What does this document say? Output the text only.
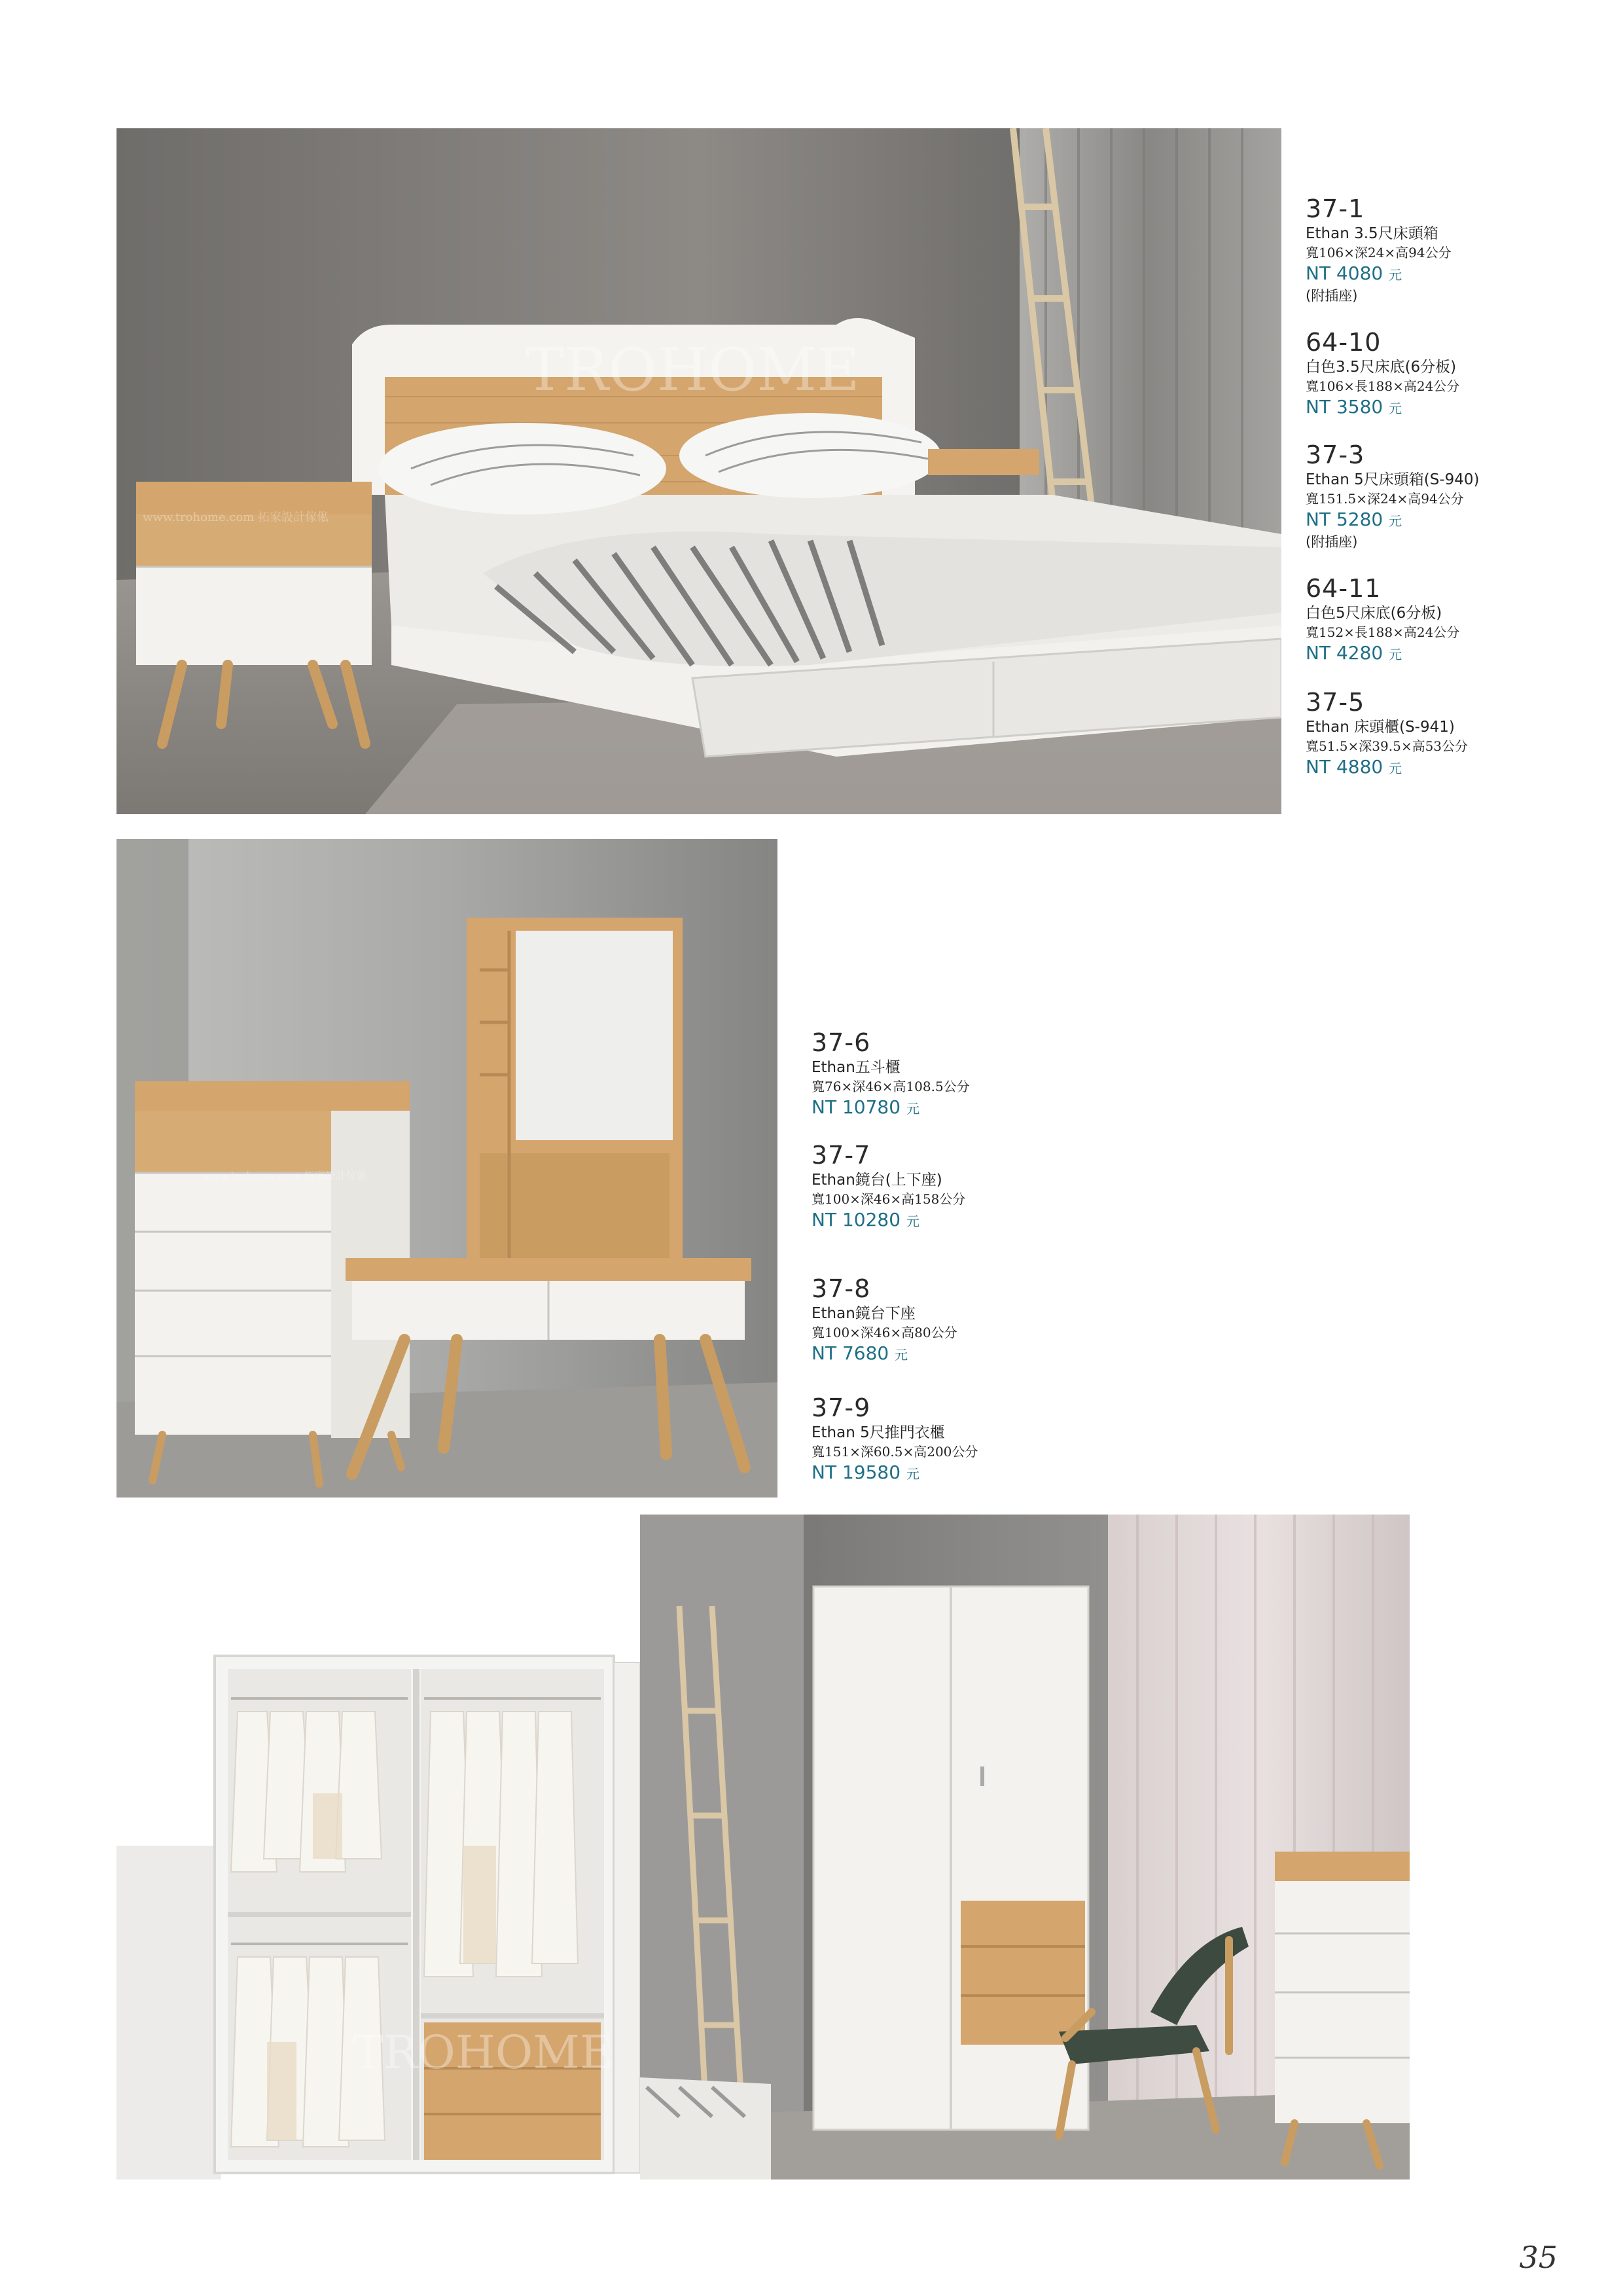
TROHOME
www.trohome.com 拓家設計傢俬
37-1
Ethan 3.5尺床頭箱
寬106×深24×高94公分
NT 4080 元
(附插座)
64-10
白色3.5尺床底(6分板)
寬106×長188×高24公分
NT 3580 元
37-3
Ethan 5尺床頭箱(S-940)
寬151.5×深24×高94公分
NT 5280 元
(附插座)
64-11
白色5尺床底(6分板)
寬152×長188×高24公分
NT 4280 元
37-5
Ethan 床頭櫃(S-941)
寬51.5×深39.5×高53公分
NT 4880 元
www.trohome.com 拓家設計傢俬
37-6
Ethan五斗櫃
寬76×深46×高108.5公分
NT 10780 元
37-7
Ethan鏡台(上下座)
寬100×深46×高158公分
NT 10280 元
37-8
Ethan鏡台下座
寬100×深46×高80公分
NT 7680 元
37-9
Ethan 5尺推門衣櫃
寬151×深60.5×高200公分
NT 19580 元
TROHOME
35
